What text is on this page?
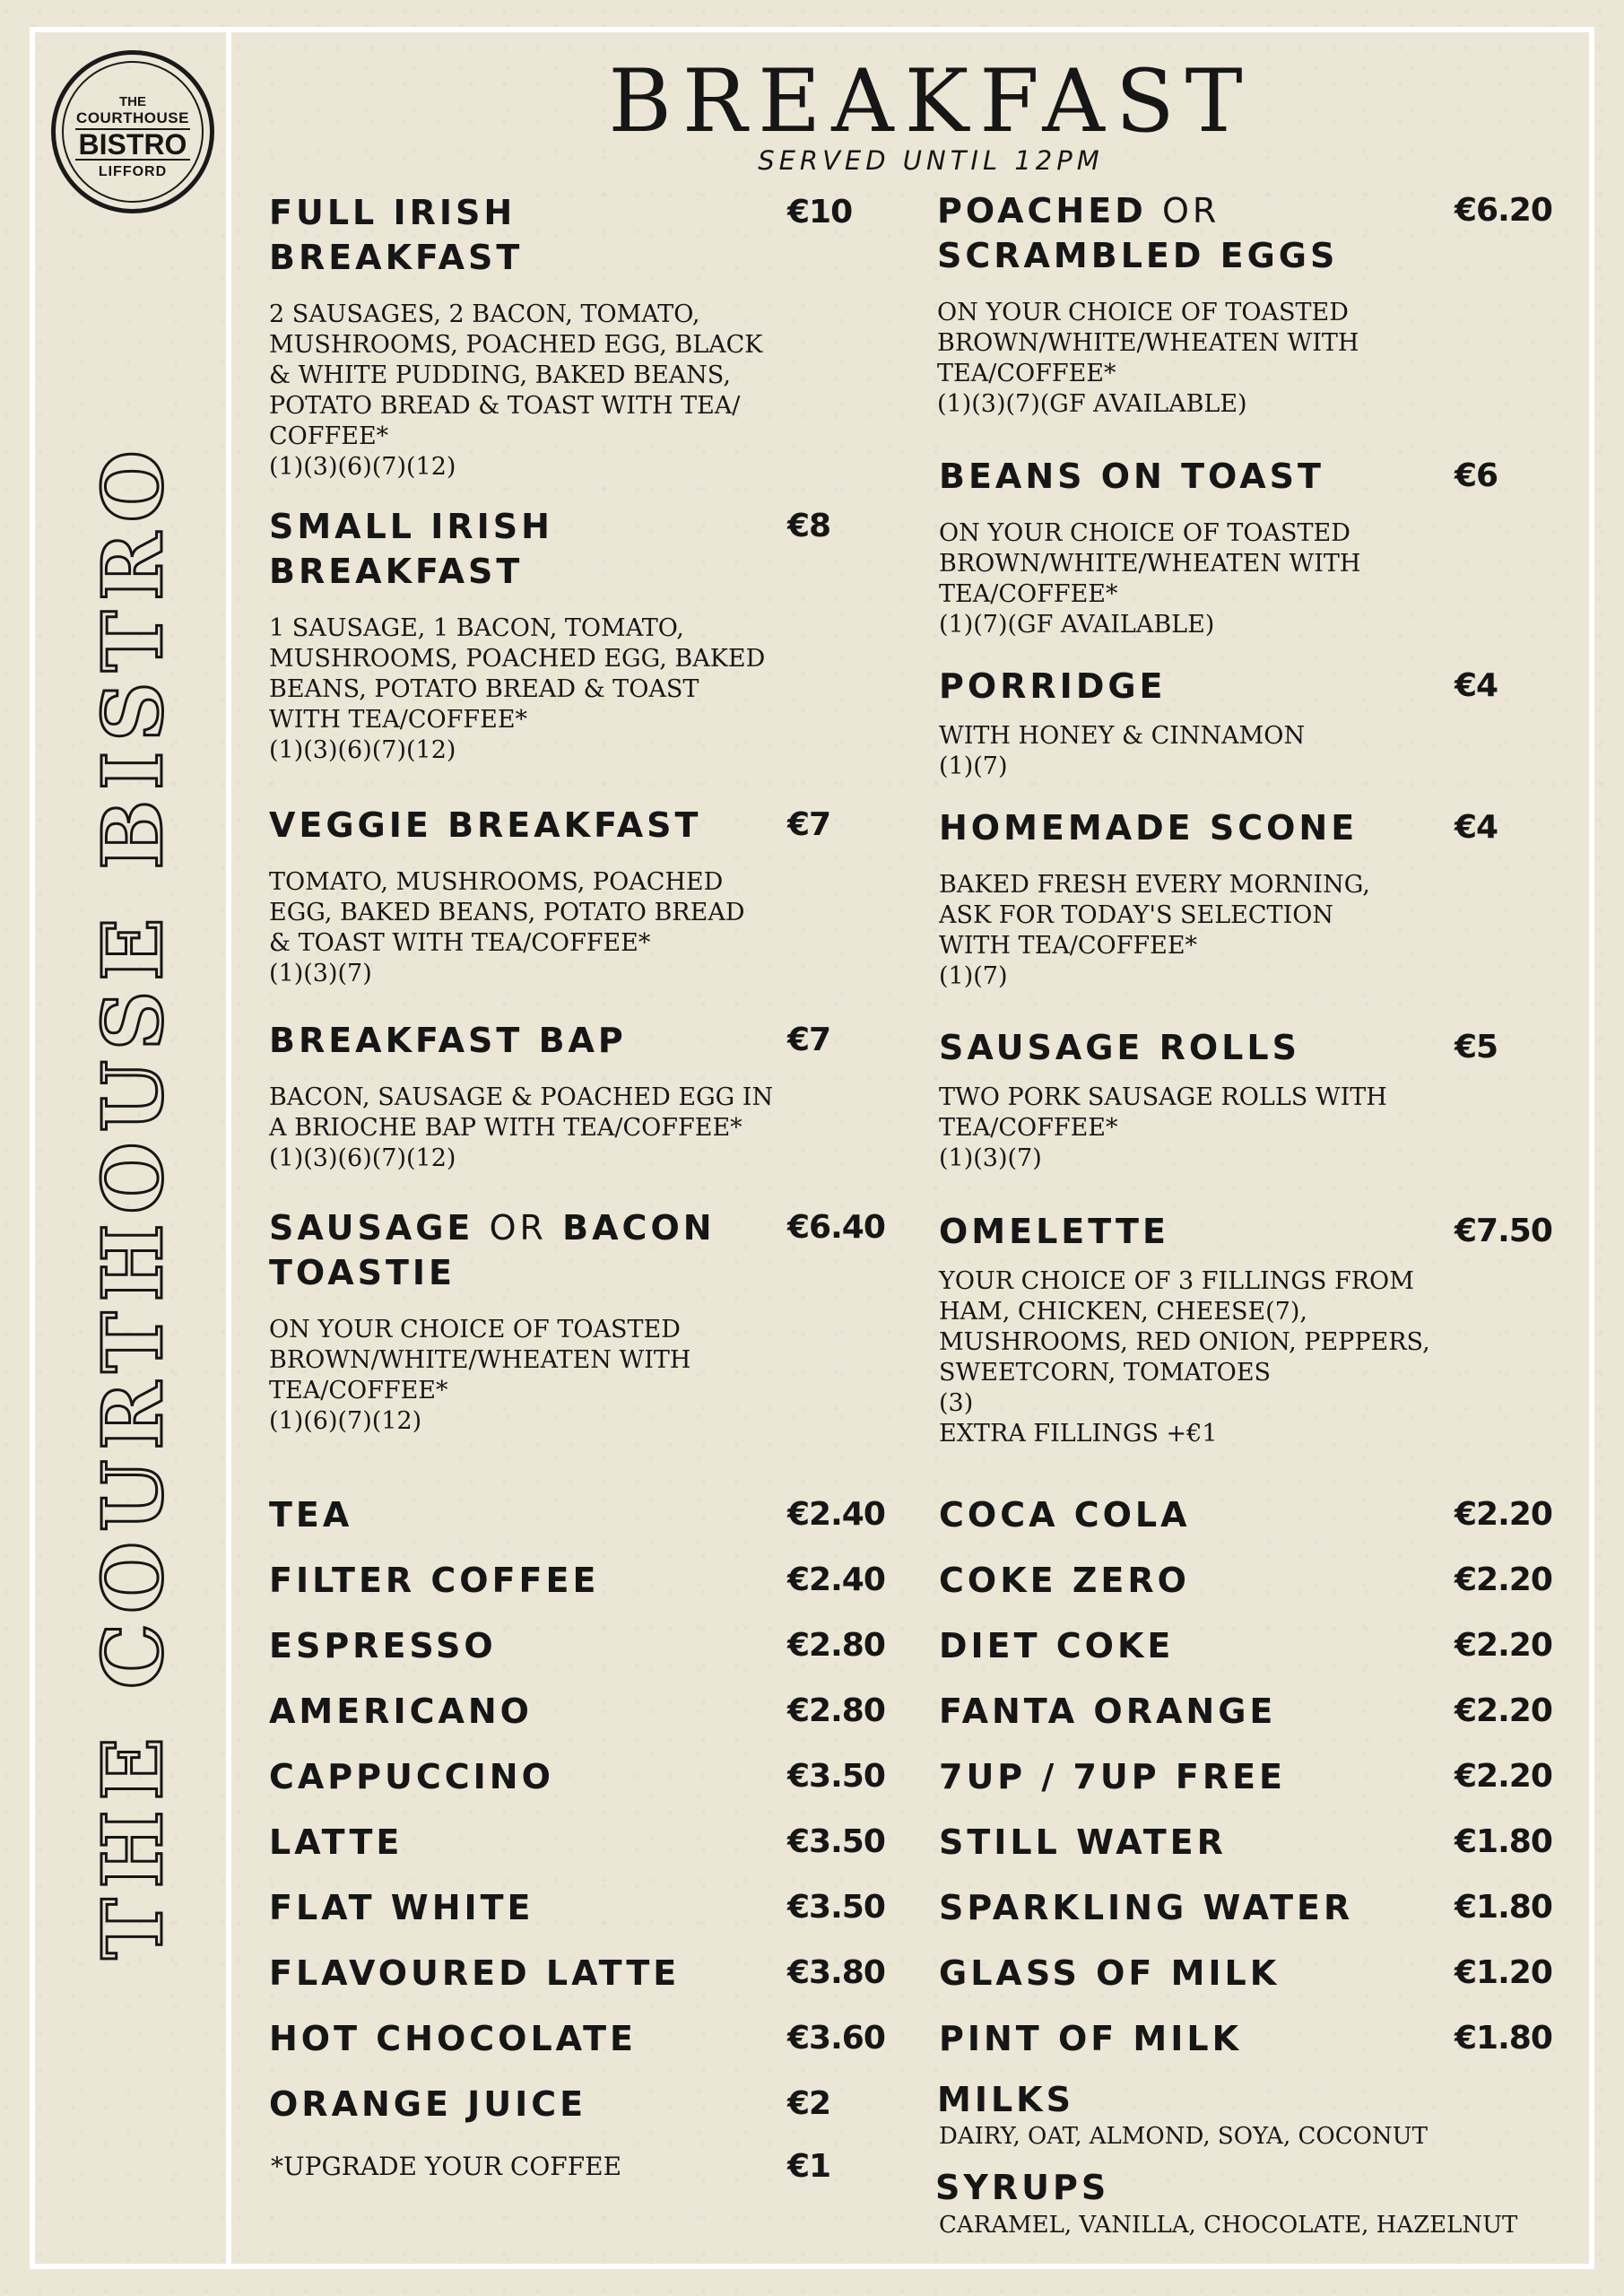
THE
COURTHOUSE
BISTRO
LIFFORD
THE COURTHOUSE BISTRO
BREAKFAST
SERVED UNTIL 12PM
FULL IRISH
BREAKFAST
€10
2 SAUSAGES, 2 BACON, TOMATO,
MUSHROOMS, POACHED EGG, BLACK
& WHITE PUDDING, BAKED BEANS,
POTATO BREAD & TOAST WITH TEA/
COFFEE*
(1)(3)(6)(7)(12)
SMALL IRISH
BREAKFAST
€8
1 SAUSAGE, 1 BACON, TOMATO,
MUSHROOMS, POACHED EGG, BAKED
BEANS, POTATO BREAD & TOAST
WITH TEA/COFFEE*
(1)(3)(6)(7)(12)
VEGGIE BREAKFAST	€7
TOMATO, MUSHROOMS, POACHED
EGG, BAKED BEANS, POTATO BREAD
& TOAST WITH TEA/COFFEE*
(1)(3)(7)
BREAKFAST BAP	€7
BACON, SAUSAGE & POACHED EGG IN
A BRIOCHE BAP WITH TEA/COFFEE*
(1)(3)(6)(7)(12)
SAUSAGE OR BACON
TOASTIE
€6.40
ON YOUR CHOICE OF TOASTED
BROWN/WHITE/WHEATEN WITH
TEA/COFFEE*
(1)(6)(7)(12)
POACHED OR
SCRAMBLED EGGS
€6.20
ON YOUR CHOICE OF TOASTED
BROWN/WHITE/WHEATEN WITH
TEA/COFFEE*
(1)(3)(7)(GF AVAILABLE)
BEANS ON TOAST	€6
ON YOUR CHOICE OF TOASTED
BROWN/WHITE/WHEATEN WITH
TEA/COFFEE*
(1)(7)(GF AVAILABLE)
PORRIDGE	€4
WITH HONEY & CINNAMON
(1)(7)
HOMEMADE SCONE	€4
BAKED FRESH EVERY MORNING,
ASK FOR TODAY'S SELECTION
WITH TEA/COFFEE*
(1)(7)
SAUSAGE ROLLS	€5
TWO PORK SAUSAGE ROLLS WITH
TEA/COFFEE*
(1)(3)(7)
OMELETTE	€7.50
YOUR CHOICE OF 3 FILLINGS FROM
HAM, CHICKEN, CHEESE(7),
MUSHROOMS, RED ONION, PEPPERS,
SWEETCORN, TOMATOES
(3)
EXTRA FILLINGS +€1
TEA	€2.40
FILTER COFFEE	€2.40
ESPRESSO	€2.80
AMERICANO	€2.80
CAPPUCCINO	€3.50
LATTE	€3.50
FLAT WHITE	€3.50
FLAVOURED LATTE	€3.80
HOT CHOCOLATE	€3.60
ORANGE JUICE	€2
*UPGRADE YOUR COFFEE	€1
COCA COLA	€2.20
COKE ZERO	€2.20
DIET COKE	€2.20
FANTA ORANGE	€2.20
7UP / 7UP FREE	€2.20
STILL WATER	€1.80
SPARKLING WATER	€1.80
GLASS OF MILK	€1.20
PINT OF MILK	€1.80
MILKS
DAIRY, OAT, ALMOND, SOYA, COCONUT
SYRUPS
CARAMEL, VANILLA, CHOCOLATE, HAZELNUT
